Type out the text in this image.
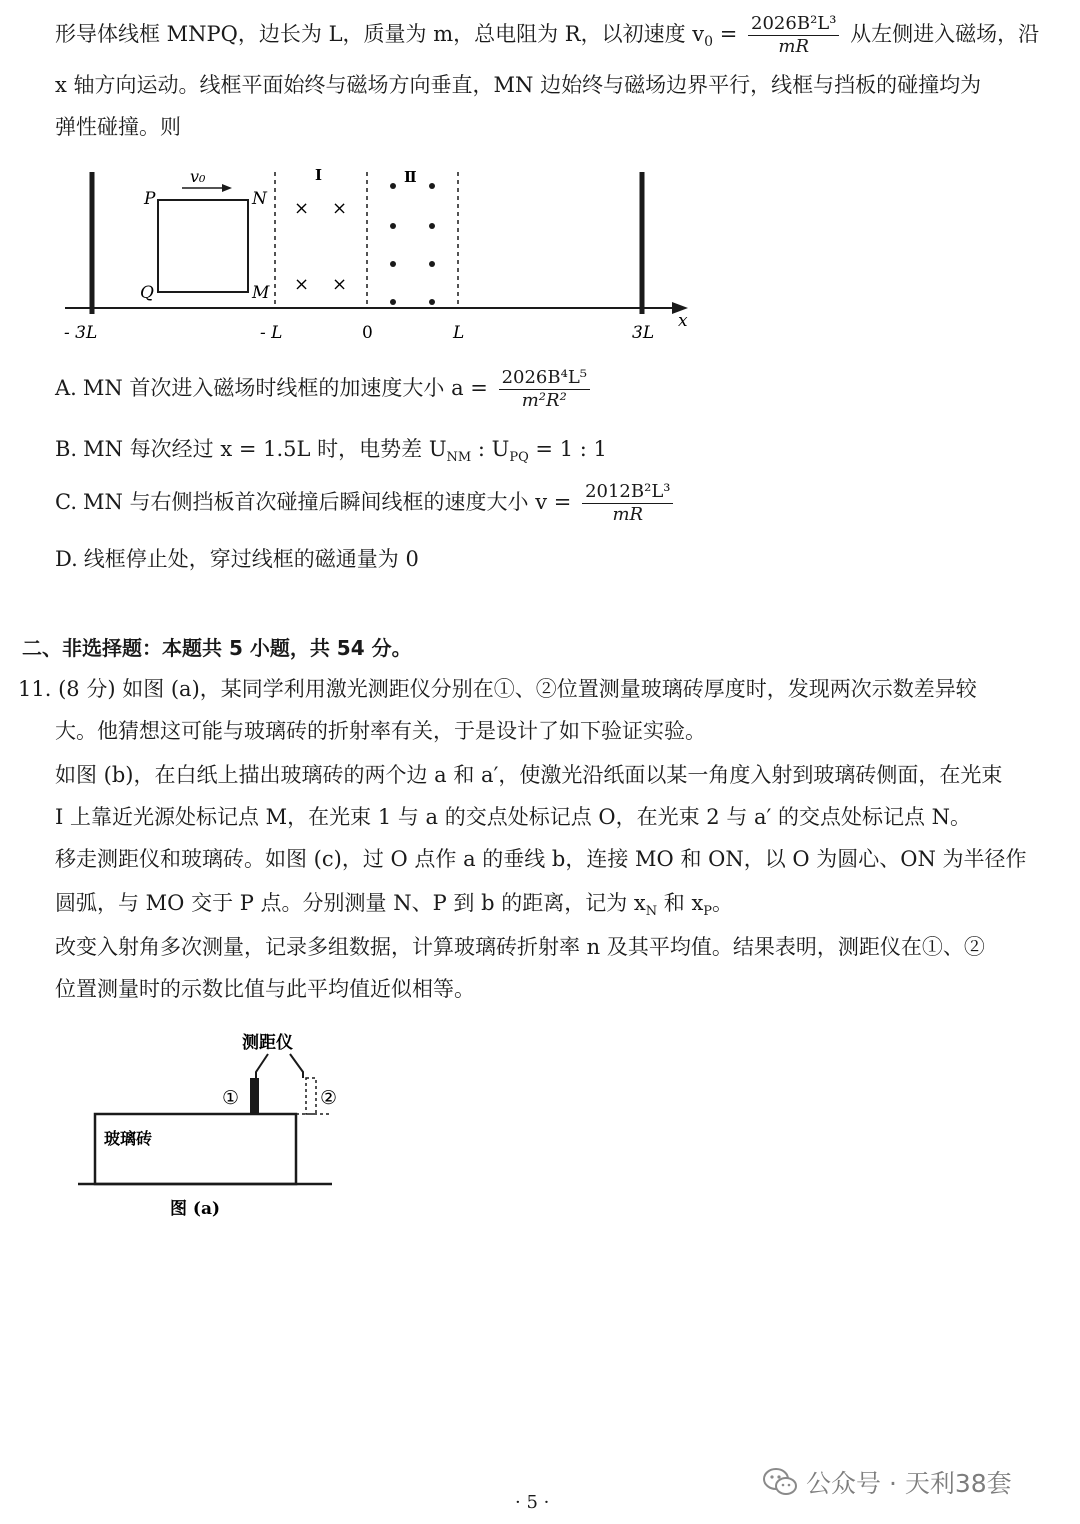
形导体线框 MNPQ，边长为 L，质量为 m，总电阻为 R，以初速度 $v_0 = \frac{\text{2026B²L³}}{mR}$ 从左侧进入磁场，沿
x 轴方向运动。线框平面始终与磁场方向垂直，MN 边始终与磁场边界平行，线框与挡板的碰撞均为
弹性碰撞。则
x
P	N
Q	M
v₀	Ⅰ	Ⅱ
× ×
× ×
- 3L	- L	0	L	3L
A. MN 首次进入磁场时线框的加速度大小 $a = \frac{\text{2026B⁴L⁵}}{\text{m²R²}}$
B. MN 每次经过 x = 1.5L 时，电势差 $U_{NM}$ : $U_{PQ} = 1$ : 1
C. MN 与右侧挡板首次碰撞后瞬间线框的速度大小 $v = \frac{\text{2012B²L³}}{mR}$
D. 线框停止处，穿过线框的磁通量为 0
二、非选择题：本题共 5 小题，共 54 分。
11. (8 分) 如图 (a)，某同学利用激光测距仪分别在①、②位置测量玻璃砖厚度时，发现两次示数差异较
大。他猜想这可能与玻璃砖的折射率有关，于是设计了如下验证实验。
如图 (b)，在白纸上描出玻璃砖的两个边 a 和 a′，使激光沿纸面以某一角度入射到玻璃砖侧面，在光束
Ⅰ 上靠近光源处标记点 M，在光束 1 与 a 的交点处标记点 O，在光束 2 与 a′ 的交点处标记点 N。
移走测距仪和玻璃砖。如图 (c)，过 O 点作 a 的垂线 b，连接 MO 和 ON，以 O 为圆心、ON 为半径作
圆弧，与 MO 交于 P 点。分别测量 N、P 到 b 的距离，记为 $x_N$ 和 $x_P$。
改变入射角多次测量，记录多组数据，计算玻璃砖折射率 n 及其平均值。结果表明，测距仪在①、②
位置测量时的示数比值与此平均值近似相等。
测距仪
①	②
玻璃砖
图 (a)
公众号 · 天利38套
· 5 ·
